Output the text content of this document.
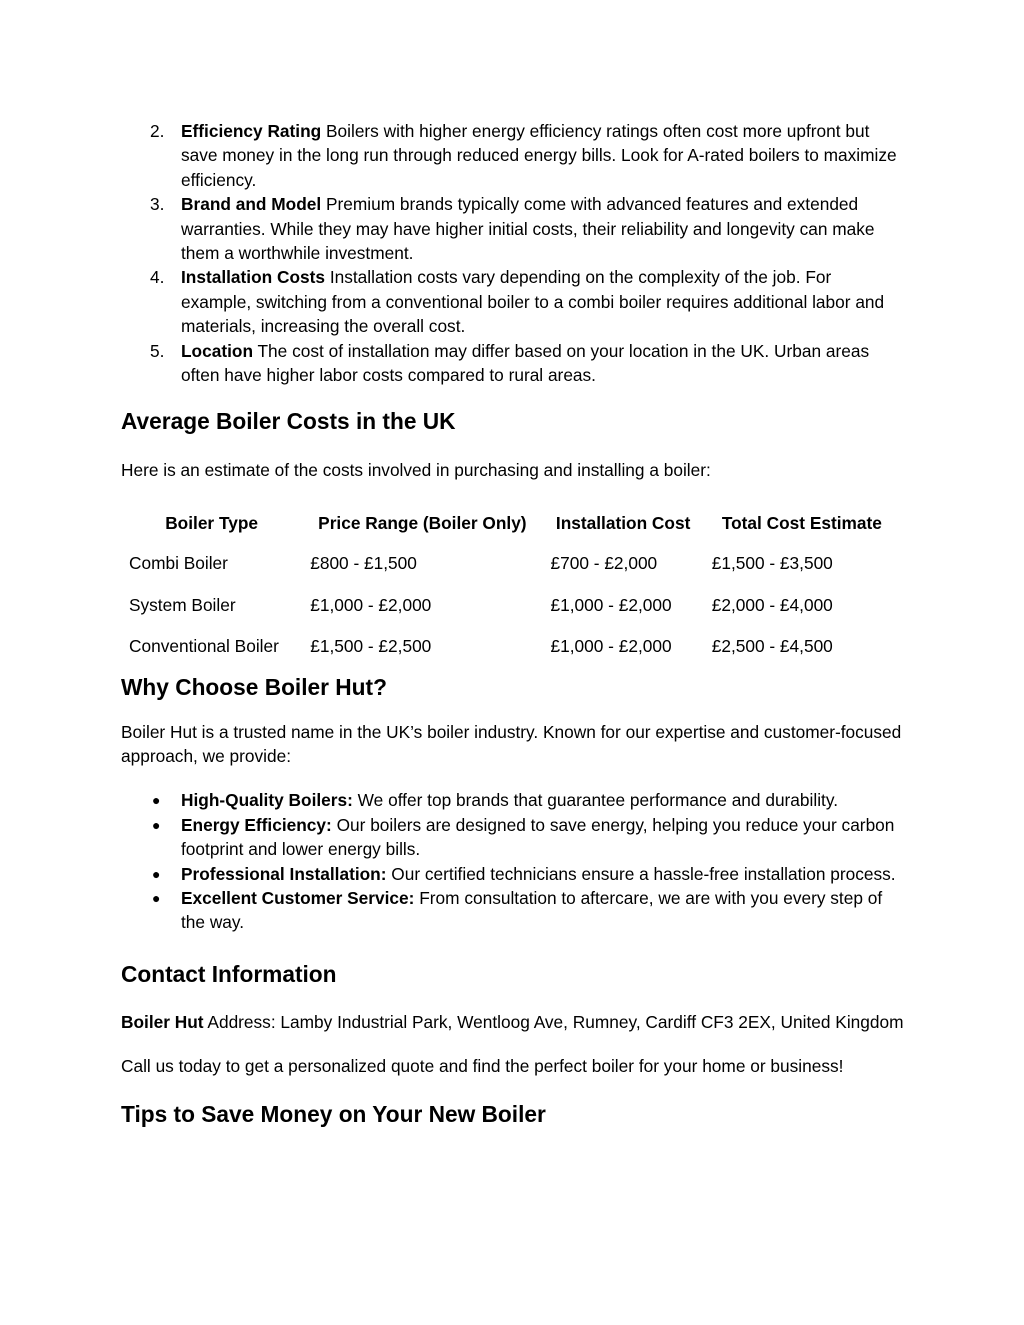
2. Efficiency Rating Boilers with higher energy efficiency ratings often cost more upfront but save money in the long run through reduced energy bills. Look for A-rated boilers to maximize efficiency.
3. Brand and Model Premium brands typically come with advanced features and extended warranties. While they may have higher initial costs, their reliability and longevity can make them a worthwhile investment.
4. Installation Costs Installation costs vary depending on the complexity of the job. For example, switching from a conventional boiler to a combi boiler requires additional labor and materials, increasing the overall cost.
5. Location The cost of installation may differ based on your location in the UK. Urban areas often have higher labor costs compared to rural areas.
Average Boiler Costs in the UK

Here is an estimate of the costs involved in purchasing and installing a boiler:

Boiler Type	Price Range (Boiler Only)	Installation Cost	Total Cost Estimate
Combi Boiler	£800 - £1,500	£700 - £2,000	£1,500 - £3,500
System Boiler	£1,000 - £2,000	£1,000 - £2,000	£2,000 - £4,000
Conventional Boiler	£1,500 - £2,500	£1,000 - £2,000	£2,500 - £4,500
Why Choose Boiler Hut?

Boiler Hut is a trusted name in the UK’s boiler industry. Known for our expertise and customer-focused approach, we provide:

● High-Quality Boilers: We offer top brands that guarantee performance and durability.
● Energy Efficiency: Our boilers are designed to save energy, helping you reduce your carbon footprint and lower energy bills.
● Professional Installation: Our certified technicians ensure a hassle-free installation process.
● Excellent Customer Service: From consultation to aftercare, we are with you every step of the way.
Contact Information

Boiler Hut Address: Lamby Industrial Park, Wentloog Ave, Rumney, Cardiff CF3 2EX, United Kingdom

Call us today to get a personalized quote and find the perfect boiler for your home or business!

Tips to Save Money on Your New Boiler
